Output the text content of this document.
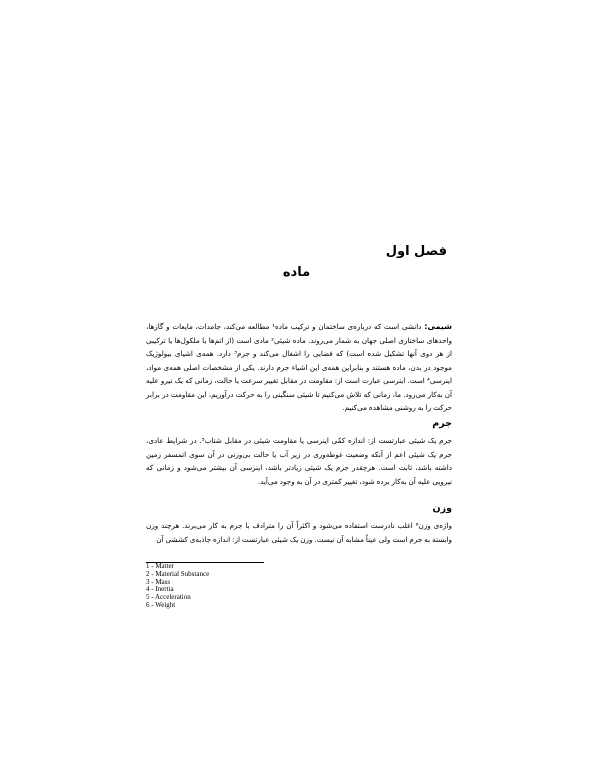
فصل اول
ماده
شیمی: دانشی است که درباره‌ی ساختمان و ترکیب ماده¹ مطالعه می‌کند، جامدات، مایعات و گازها، واحدهای ساختاری اصلی جهان به شمار می‌روند. ماده شیئی² مادی است (از اتم‌ها یا ملکول‌ها یا ترکیبی از هر دوی آنها تشکیل شده است) که فضایی را اشغال می‌کند و جرم³ دارد. همه‌ی اشیای بیولوژیک موجود در بدن، ماده هستند و بنابراین همه‌ی این اشیاء جرم دارند. یکی از مشخصات اصلی همه‌ی مواد، اینرسی⁴ است. اینرسی عبارت است از: مقاومت در مقابل تغییر سرعت یا حالت، زمانی که یک نیرو علیه آن به‌کار می‌رود. ما، زمانی که تلاش می‌کنیم تا شیئی سنگینی را به حرکت درآوریم، این مقاومت در برابر حرکت را به روشنی مشاهده می‌کنیم.
جرم
جرم یک شیئی عبارتست از: اندازه کمّی اینرسی یا مقاومت شیئی در مقابل شتاب⁵. در شرایط عادی، جرم یک شیئی اعم از آنکه وضعیت غوطه‌وری در زیر آب یا حالت بی‌وزنی در آن سوی اتمسفر زمین داشته باشد، ثابت است. هرچقدر جرم یک شیئی زیادتر باشد، اینرسی آن بیشتر می‌شود و زمانی که نیرویی علیه آن به‌کار برده شود، تغییر کمتری در آن به وجود می‌آید.
وزن
واژه‌ی وزن⁶ اغلب نادرست استفاده می‌شود و اکثراً آن را مترادف با جرم به کار می‌برند. هرچند وزن وابسته به جرم است ولی عیناً مشابه آن نیست. وزن یک شیئی عبارتست از: اندازه جاذبه‌ی کششی آن
1 - Matter
2 - Material Substance
3 - Mass
4 - Inertia
5 - Acceleration
6 - Weight
